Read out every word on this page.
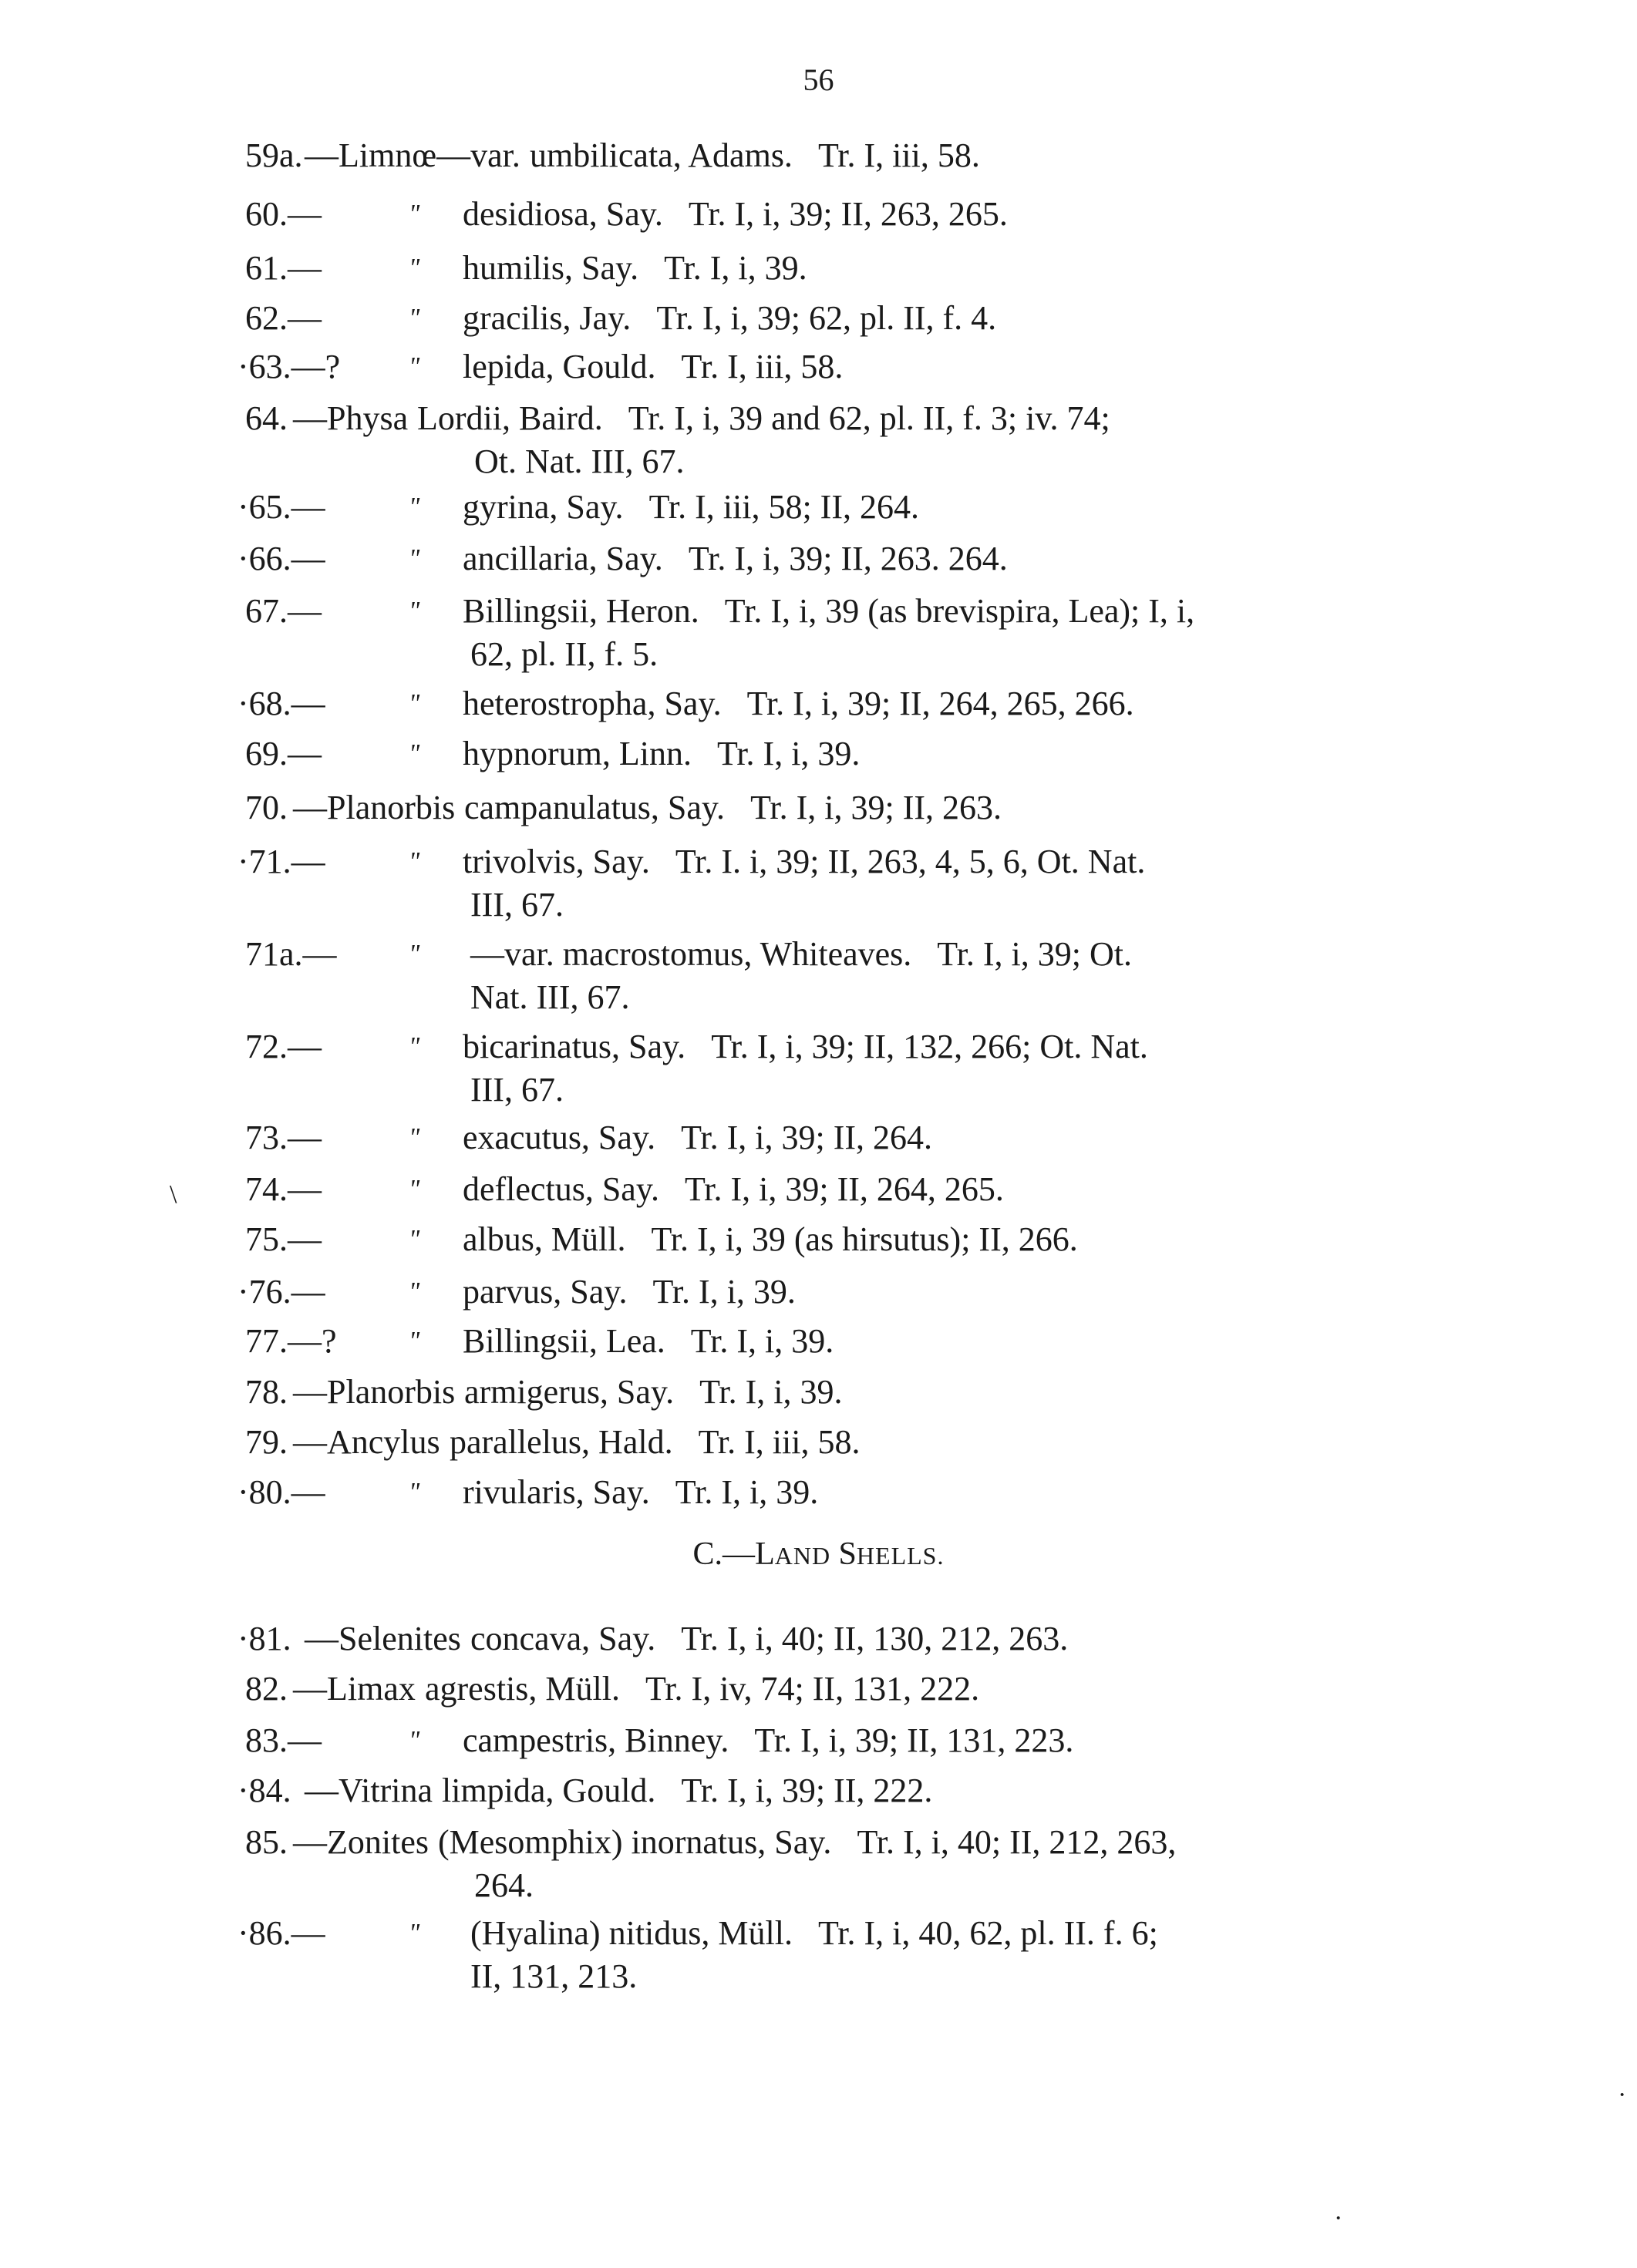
56
59a. —Limnœ—var. umbilicata, Adams. Tr. I, iii, 58.
60.—	" desidiosa, Say. Tr. I, i, 39; II, 263, 265.
61.—	" humilis, Say. Tr. I, i, 39.
62.—	" gracilis, Jay. Tr. I, i, 39; 62, pl. II, f. 4.
·63.—?	" lepida, Gould. Tr. I, iii, 58.
64. —Physa Lordii, Baird. Tr. I, i, 39 and 62, pl. II, f. 3; iv. 74;
Ot. Nat. III, 67.
·65.—	" gyrina, Say. Tr. I, iii, 58; II, 264.
·66.—	" ancillaria, Say. Tr. I, i, 39; II, 263. 264.
67.—	" Billingsii, Heron. Tr. I, i, 39 (as brevispira, Lea); I, i,
62, pl. II, f. 5.
·68.—	" heterostropha, Say. Tr. I, i, 39; II, 264, 265, 266.
69.—	" hypnorum, Linn. Tr. I, i, 39.
70. —Planorbis campanulatus, Say. Tr. I, i, 39; II, 263.
·71.—	" trivolvis, Say. Tr. I. i, 39; II, 263, 4, 5, 6, Ot. Nat.
III, 67.
71a.—	" —var. macrostomus, Whiteaves. Tr. I, i, 39; Ot.
Nat. III, 67.
72.—	" bicarinatus, Say. Tr. I, i, 39; II, 132, 266; Ot. Nat.
III, 67.
73.—	" exacutus, Say. Tr. I, i, 39; II, 264.
74.—	" deflectus, Say. Tr. I, i, 39; II, 264, 265.
75.—	" albus, Müll. Tr. I, i, 39 (as hirsutus); II, 266.
·76.—	" parvus, Say. Tr. I, i, 39.
77.—?	" Billingsii, Lea. Tr. I, i, 39.
78. —Planorbis armigerus, Say. Tr. I, i, 39.
79. —Ancylus parallelus, Hald. Tr. I, iii, 58.
·80.—	" rivularis, Say. Tr. I, i, 39.
·81. —Selenites concava, Say. Tr. I, i, 40; II, 130, 212, 263.
82. —Limax agrestis, Müll. Tr. I, iv, 74; II, 131, 222.
83.—	" campestris, Binney. Tr. I, i, 39; II, 131, 223.
·84. —Vitrina limpida, Gould. Tr. I, i, 39; II, 222.
85. —Zonites (Mesomphix) inornatus, Say. Tr. I, i, 40; II, 212, 263,
264.
·86.—	" (Hyalina) nitidus, Müll. Tr. I, i, 40, 62, pl. II. f. 6;
II, 131, 213.
C.—LAND SHELLS.
\
·
·
